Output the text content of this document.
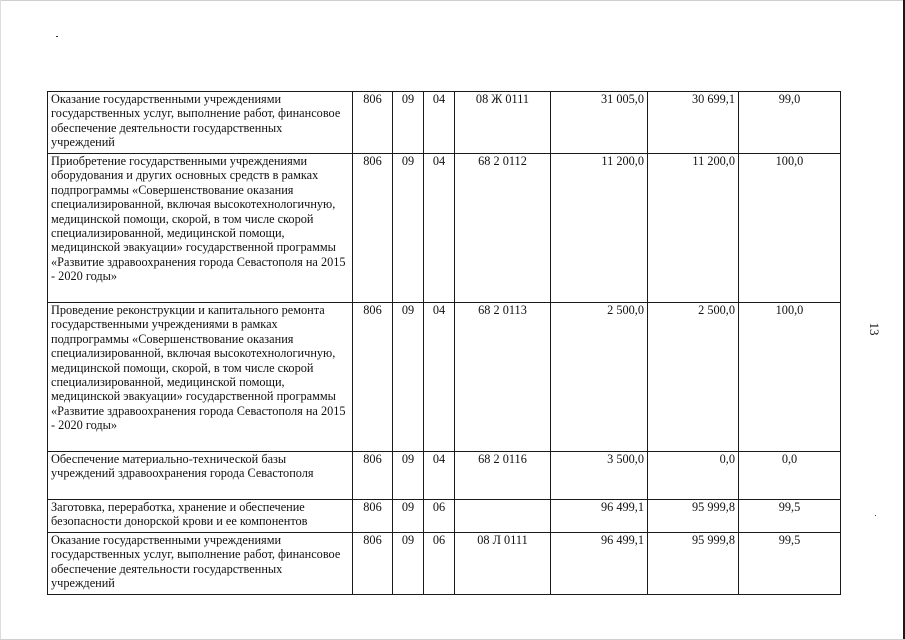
Оказание государственными учреждениями государственных услуг, выполнение работ, финансовое обеспечение деятельности государственных учреждений	806	09	04	08 Ж 0111	31 005,0	30 699,1	99,0
Приобретение государственными учреждениями оборудования и других основных средств в рамках подпрограммы «Совершенствование оказания специализированной, включая высокотехнологичную, медицинской помощи, скорой, в том числе скорой специализированной, медицинской помощи, медицинской эвакуации» государственной программы «Развитие здравоохранения города Севастополя на 2015 - 2020 годы»	806	09	04	68 2 0112	11 200,0	11 200,0	100,0
Проведение реконструкции и капитального ремонта государственными учреждениями в рамках подпрограммы «Совершенствование оказания специализированной, включая высокотехнологичную, медицинской помощи, скорой, в том числе скорой специализированной, медицинской помощи, медицинской эвакуации» государственной программы «Развитие здравоохранения города Севастополя на 2015 - 2020 годы»	806	09	04	68 2 0113	2 500,0	2 500,0	100,0
Обеспечение материально-технической базы учреждений здравоохранения города Севастополя	806	09	04	68 2 0116	3 500,0	0,0	0,0
Заготовка, переработка, хранение и обеспечение безопасности донорской крови и ее компонентов	806	09	06		96 499,1	95 999,8	99,5
Оказание государственными учреждениями государственных услуг, выполнение работ, финансовое обеспечение деятельности государственных учреждений	806	09	06	08 Л 0111	96 499,1	95 999,8	99,5
13
